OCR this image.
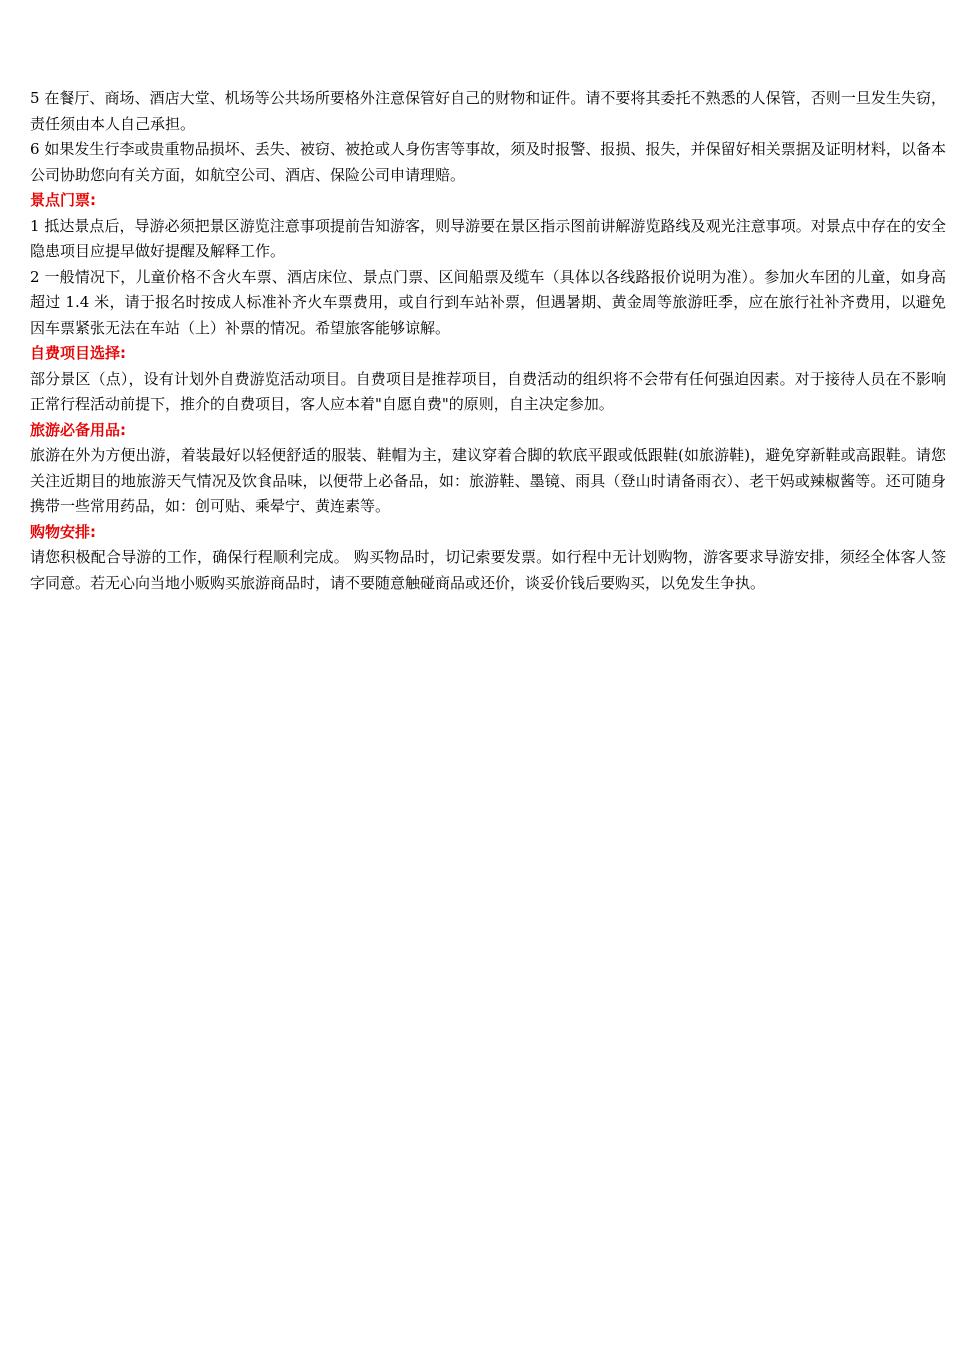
5 在餐厅、商场、酒店大堂、机场等公共场所要格外注意保管好自己的财物和证件。请不要将其委托不熟悉的人保管，否则一旦发生失窃，责任须由本人自己承担。

6 如果发生行李或贵重物品损坏、丢失、被窃、被抢或人身伤害等事故，须及时报警、报损、报失，并保留好相关票据及证明材料，以备本公司协助您向有关方面，如航空公司、酒店、保险公司申请理赔。

景点门票:

1 抵达景点后，导游必须把景区游览注意事项提前告知游客，则导游要在景区指示图前讲解游览路线及观光注意事项。对景点中存在的安全隐患项目应提早做好提醒及解释工作。

2 一般情况下，儿童价格不含火车票、酒店床位、景点门票、区间船票及缆车（具体以各线路报价说明为准）。参加火车团的儿童，如身高超过 1.4 米，请于报名时按成人标准补齐火车票费用，或自行到车站补票，但遇暑期、黄金周等旅游旺季，应在旅行社补齐费用，以避免因车票紧张无法在车站（上）补票的情况。希望旅客能够谅解。

自费项目选择:

部分景区（点），设有计划外自费游览活动项目。自费项目是推荐项目，自费活动的组织将不会带有任何强迫因素。对于接待人员在不影响正常行程活动前提下，推介的自费项目，客人应本着"自愿自费"的原则，自主决定参加。

旅游必备用品:

旅游在外为方便出游，着装最好以轻便舒适的服装、鞋帽为主，建议穿着合脚的软底平跟或低跟鞋(如旅游鞋)，避免穿新鞋或高跟鞋。请您关注近期目的地旅游天气情况及饮食品味，以便带上必备品，如：旅游鞋、墨镜、雨具（登山时请备雨衣）、老干妈或辣椒酱等。还可随身携带一些常用药品，如：创可贴、乘晕宁、黄连素等。

购物安排:

请您积极配合导游的工作，确保行程顺利完成。 购买物品时，切记索要发票。如行程中无计划购物，游客要求导游安排，须经全体客人签字同意。若无心向当地小贩购买旅游商品时，请不要随意触碰商品或还价，谈妥价钱后要购买，以免发生争执。
